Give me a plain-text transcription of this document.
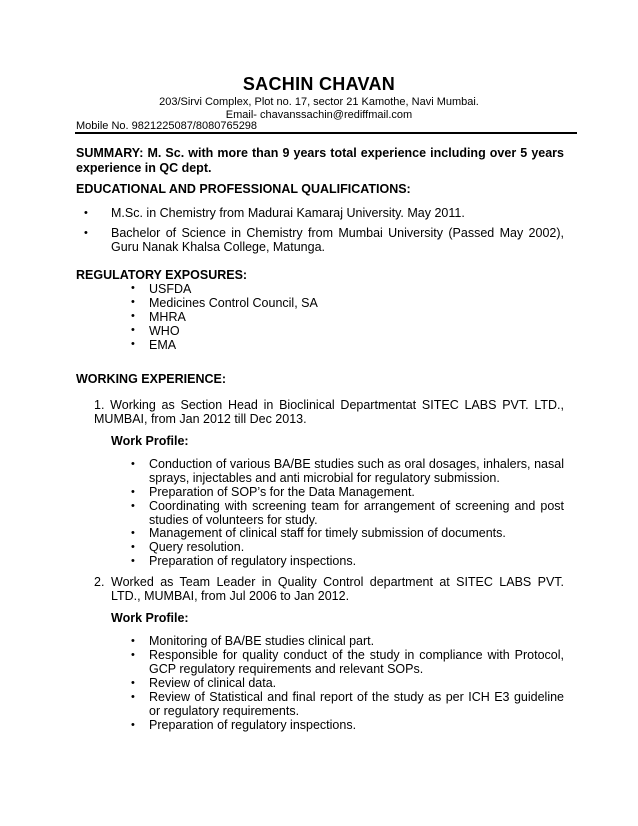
SACHIN CHAVAN
203/Sirvi Complex, Plot no. 17, sector 21 Kamothe, Navi Mumbai.
Email- chavanssachin@rediffmail.com
Mobile No. 9821225087/8080765298
SUMMARY: M. Sc. with more than 9 years total experience including over 5 years experience in QC dept.
EDUCATIONAL AND PROFESSIONAL QUALIFICATIONS:
• M.Sc. in Chemistry from Madurai Kamaraj University. May 2011.
• Bachelor of Science in Chemistry from Mumbai University (Passed May 2002), Guru Nanak Khalsa College, Matunga.
REGULATORY EXPOSURES:
• USFDA
• Medicines Control Council, SA
• MHRA
• WHO
• EMA
WORKING EXPERIENCE:
1. Working as Section Head in Bioclinical Departmentat SITEC LABS PVT. LTD., MUMBAI, from Jan 2012 till Dec 2013.
Work Profile:
• Conduction of various BA/BE studies such as oral dosages, inhalers, nasal sprays, injectables and anti microbial for regulatory submission.
• Preparation of SOP’s for the Data Management.
• Coordinating with screening team for arrangement of screening and post studies of volunteers for study.
• Management of clinical staff for timely submission of documents.
• Query resolution.
• Preparation of regulatory inspections.
2. Worked as Team Leader in Quality Control department at SITEC LABS PVT. LTD., MUMBAI, from Jul 2006 to Jan 2012.
Work Profile:
• Monitoring of BA/BE studies clinical part.
• Responsible for quality conduct of the study in compliance with Protocol, GCP regulatory requirements and relevant SOPs.
• Review of clinical data.
• Review of Statistical and final report of the study as per ICH E3 guideline or regulatory requirements.
• Preparation of regulatory inspections.
